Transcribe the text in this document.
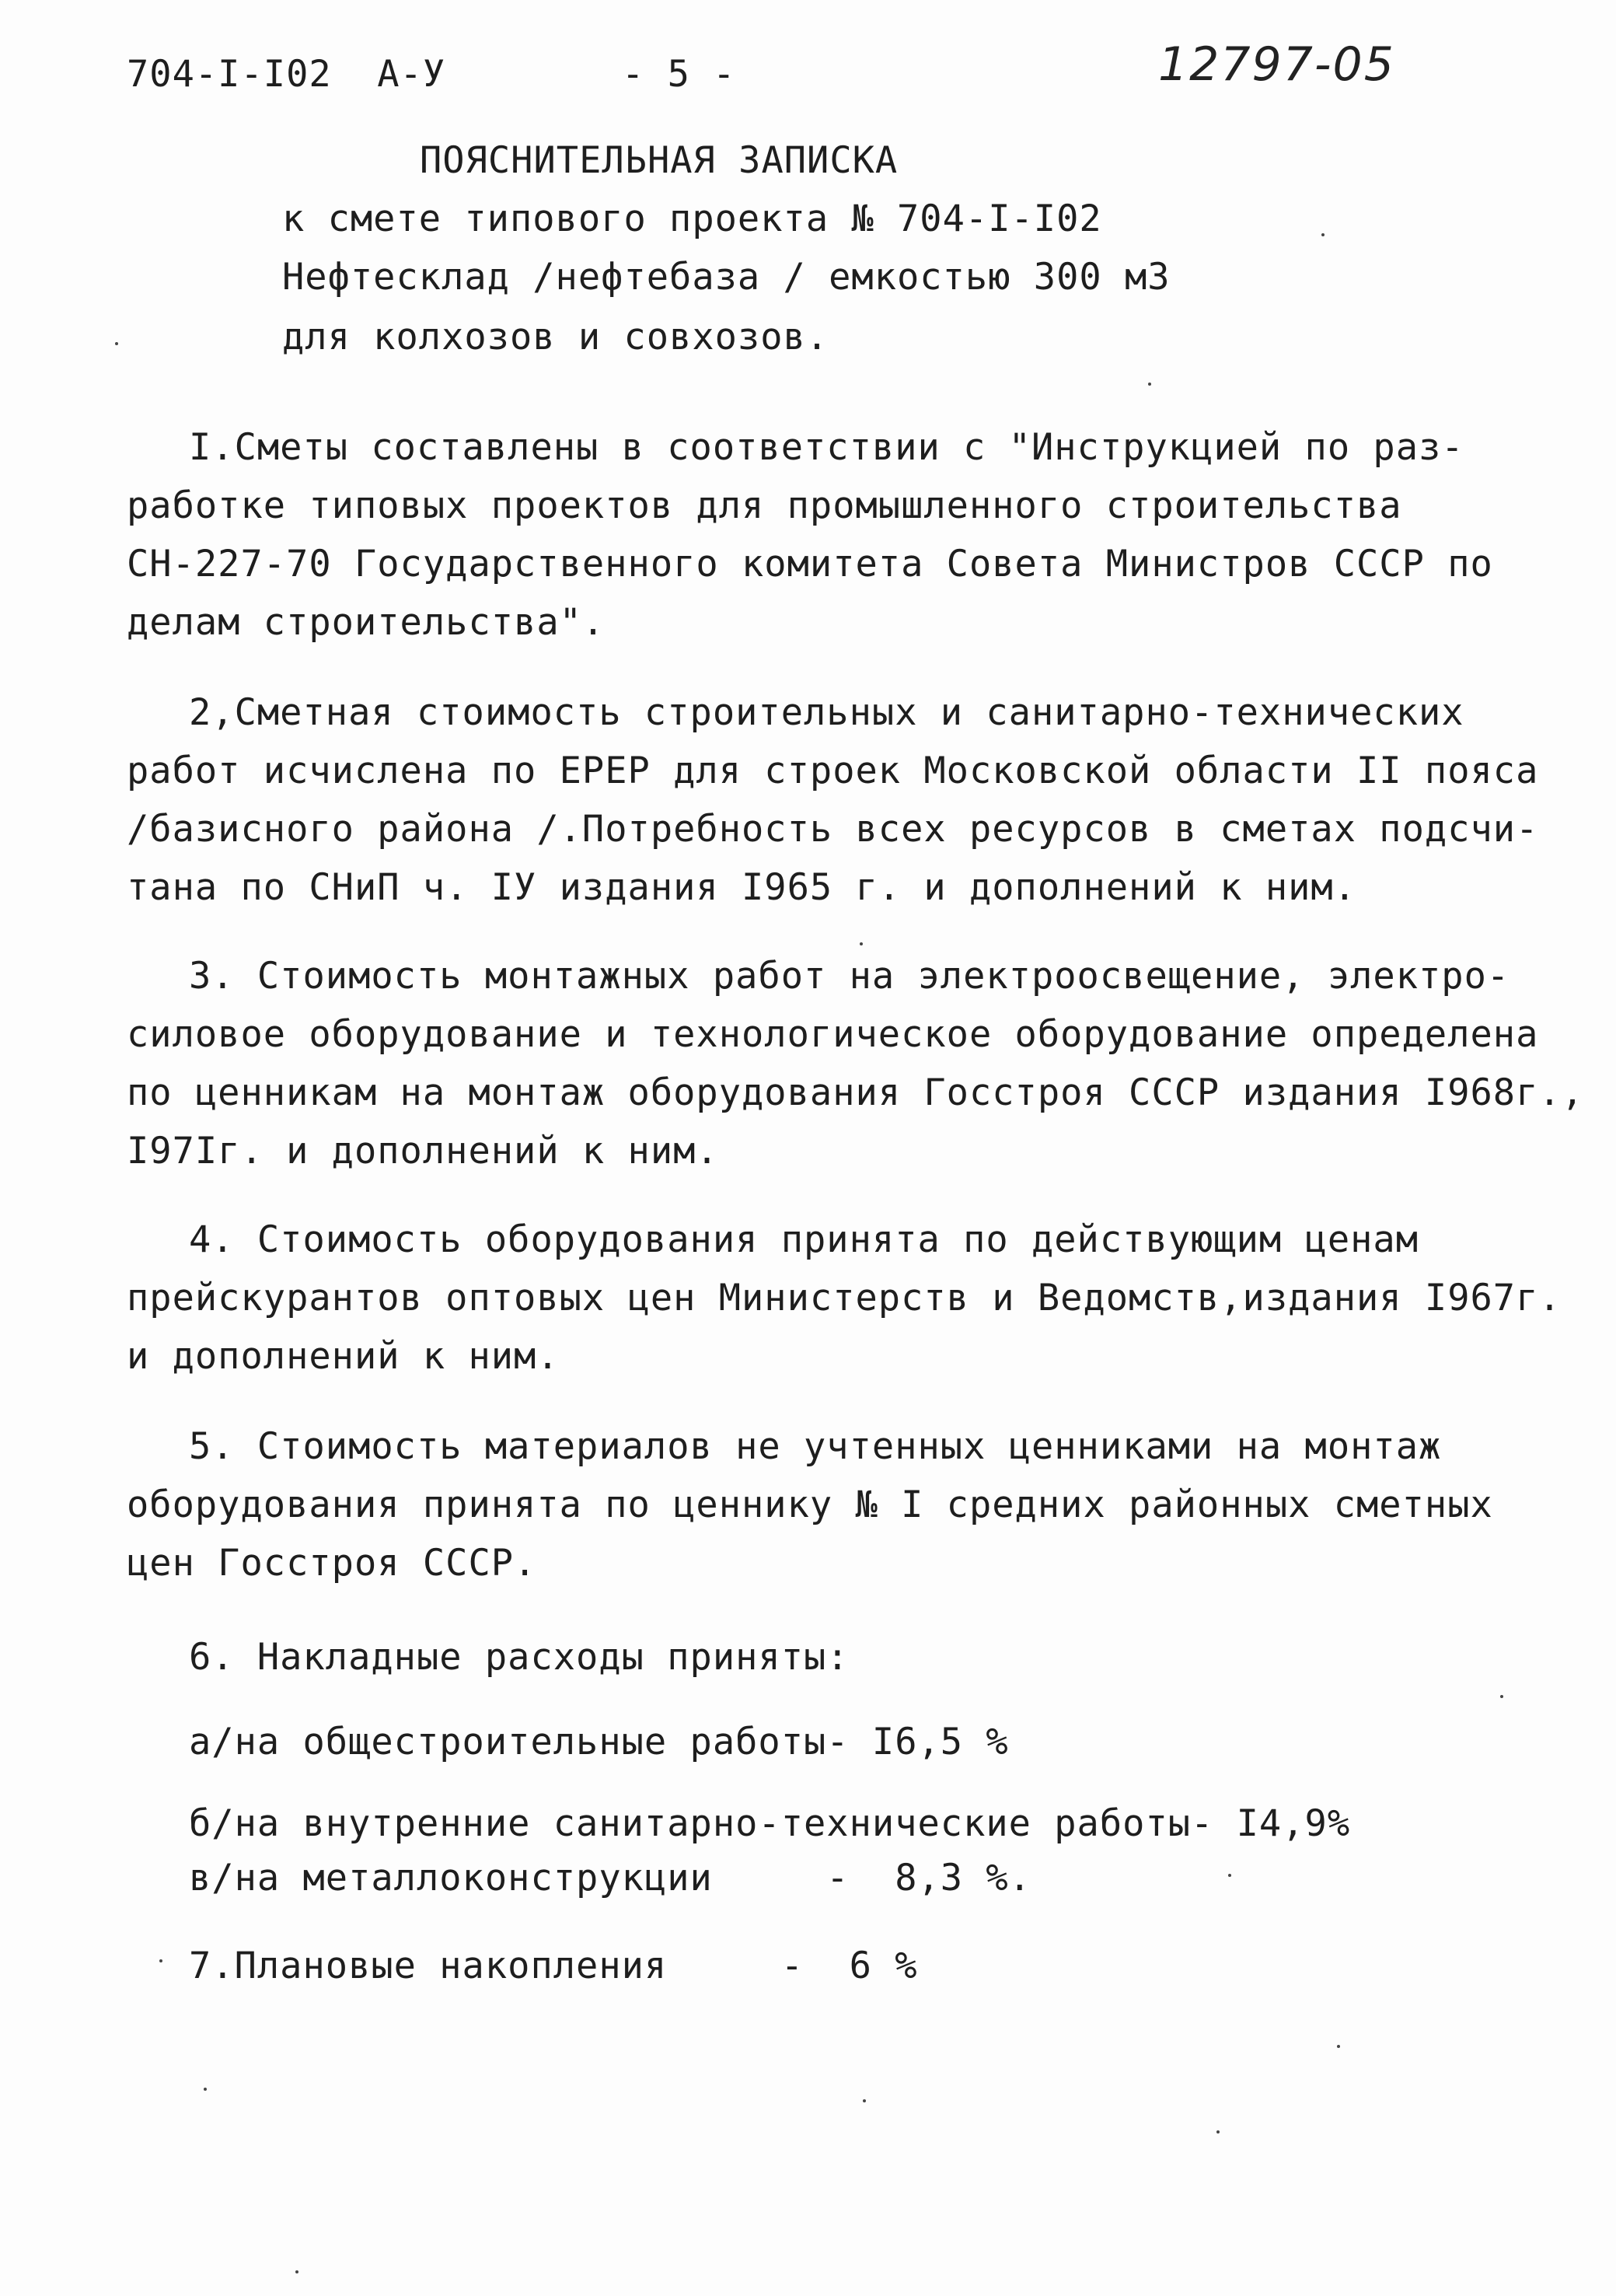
704-I-I02  А-У	- 5 -	12797-05
ПОЯСНИТЕЛЬНАЯ ЗАПИСКА
к смете типового проекта № 704-I-I02
Нефтесклад /нефтебаза / емкостью 300 м3
для колхозов и совхозов.
I.Сметы составлены в соответствии с "Инструкцией по раз-
работке типовых проектов для промышленного строительства
СН-227-70 Государственного комитета Совета Министров СССР по
делам строительства".
2,Сметная стоимость строительных и санитарно-технических
работ исчислена по ЕРЕР для строек Московской области II пояса
/базисного района /.Потребность всех ресурсов в сметах подсчи-
тана по СНиП ч. IУ издания I965 г. и дополнений к ним.
3. Стоимость монтажных работ на электроосвещение, электро-
силовое оборудование и технологическое оборудование определена
по ценникам на монтаж оборудования Госстроя СССР издания I968г.,
I97Iг. и дополнений к ним.
4. Стоимость оборудования принята по действующим ценам
прейскурантов оптовых цен Министерств и Ведомств,издания I967г.
и дополнений к ним.
5. Стоимость материалов не учтенных ценниками на монтаж
оборудования принята по ценнику № I средних районных сметных
цен Госстроя СССР.
6. Накладные расходы приняты:
а/на общестроительные работы- I6,5 %
б/на внутренние санитарно-технические работы- I4,9%
в/на металлоконструкции     -  8,3 %.
7.Плановые накопления     -  6 %
